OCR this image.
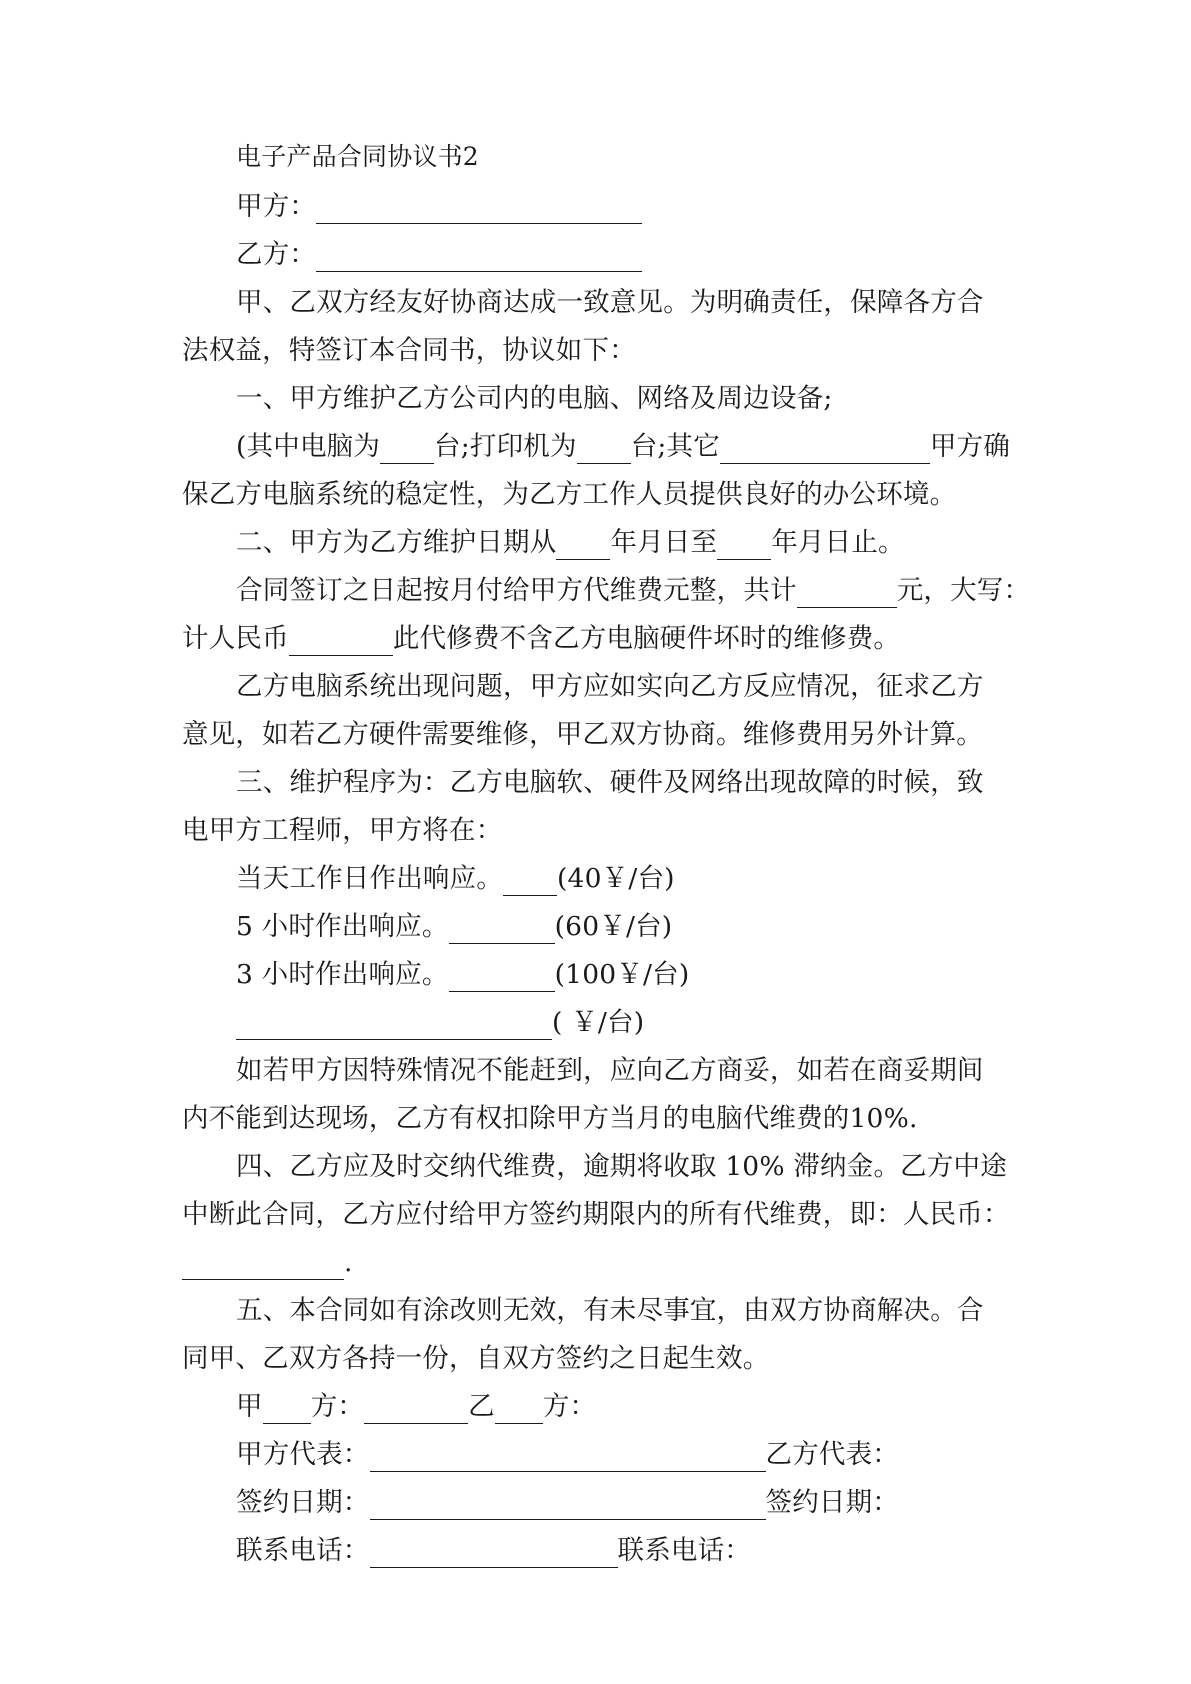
电子产品合同协议书2
甲方：
乙方：
甲、乙双方经友好协商达成一致意见。为明确责任，保障各方合
法权益，特签订本合同书，协议如下：
一、甲方维护乙方公司内的电脑、网络及周边设备;
(其中电脑为 台;打印机为 台;其它	甲方确
保乙方电脑系统的稳定性，为乙方工作人员提供良好的办公环境。
二、甲方为乙方维护日期从 年月日至 年月日止。
合同签订之日起按月付给甲方代维费元整，共计	元，大写：
计人民币	此代修费不含乙方电脑硬件坏时的维修费。
乙方电脑系统出现问题，甲方应如实向乙方反应情况，征求乙方
意见，如若乙方硬件需要维修，甲乙双方协商。维修费用另外计算。
三、维护程序为：乙方电脑软、硬件及网络出现故障的时候，致
电甲方工程师，甲方将在：
当天工作日作出响应。 (40￥/台)
5 小时作出响应。	(60￥/台)
3 小时作出响应。	(100￥/台)
( ￥/台)
如若甲方因特殊情况不能赶到，应向乙方商妥，如若在商妥期间
内不能到达现场，乙方有权扣除甲方当月的电脑代维费的10%.
四、乙方应及时交纳代维费，逾期将收取 10% 滞纳金。乙方中途
中断此合同，乙方应付给甲方签约期限内的所有代维费，即：人民币：
.
五、本合同如有涂改则无效，有未尽事宜，由双方协商解决。合
同甲、乙双方各持一份，自双方签约之日起生效。
甲 方：	乙 方：
甲方代表：	乙方代表：
签约日期：	签约日期：
联系电话：	联系电话：
